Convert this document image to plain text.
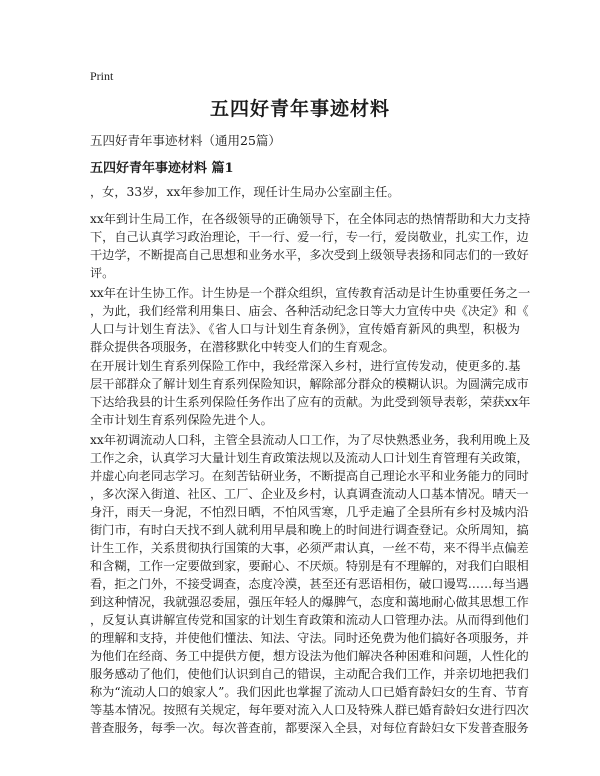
Print
五四好青年事迹材料
五四好青年事迹材料（通用25篇）
五四好青年事迹材料 篇1
，女，33岁，xx年参加工作，现任计生局办公室副主任。
xx年到计生局工作，在各级领导的正确领导下，在全体同志的热情帮助和大力支持
下，自己认真学习政治理论，干一行、爱一行，专一行，爱岗敬业，扎实工作，边
干边学，不断提高自己思想和业务水平，多次受到上级领导表扬和同志们的一致好
评。
xx年在计生协工作。计生协是一个群众组织，宣传教育活动是计生协重要任务之一
，为此，我们经常利用集日、庙会、各种活动纪念日等大力宣传中央《决定》和《
人口与计划生育法》、《省人口与计划生育条例》，宣传婚育新风的典型，积极为
群众提供各项服务，在潜移默化中转变人们的生育观念。
在开展计划生育系列保险工作中，我经常深入乡村，进行宣传发动，使更多的.基
层干部群众了解计划生育系列保险知识，解除部分群众的模糊认识。为圆满完成市
下达给我县的计生系列保险任务作出了应有的贡献。为此受到领导表彰，荣获xx年
全市计划生育系列保险先进个人。
xx年初调流动人口科，主管全县流动人口工作，为了尽快熟悉业务，我利用晚上及
工作之余，认真学习大量计划生育政策法规以及流动人口计划生育管理有关政策，
并虚心向老同志学习。在刻苦钻研业务，不断提高自己理论水平和业务能力的同时
，多次深入街道、社区、工厂、企业及乡村，认真调查流动人口基本情况。晴天一
身汗，雨天一身泥，不怕烈日晒，不怕风雪寒，几乎走遍了全县所有乡村及城内沿
街门市，有时白天找不到人就利用早晨和晚上的时间进行调查登记。众所周知，搞
计生工作，关系贯彻执行国策的大事，必须严肃认真，一丝不苟，来不得半点偏差
和含糊，工作一定要做到家，要耐心、不厌烦。特别是有不理解的，对我们白眼相
看，拒之门外，不接受调查，态度冷漠，甚至还有恶语相伤，破口谩骂……每当遇
到这种情况，我就强忍委屈，强压年轻人的爆脾气，态度和蔼地耐心做其思想工作
，反复认真讲解宣传党和国家的计划生育政策和流动人口管理办法。从而得到他们
的理解和支持，并使他们懂法、知法、守法。同时还免费为他们搞好各项服务，并
为他们在经商、务工中提供方便，想方设法为他们解决各种困难和问题，人性化的
服务感动了他们，使他们认识到自己的错误，主动配合我们工作，并亲切地把我们
称为“流动人口的娘家人”。我们因此也掌握了流动人口已婚育龄妇女的生育、节育
等基本情况。按照有关规定，每年要对流入人口及特殊人群已婚育龄妇女进行四次
普查服务，每季一次。每次普查前，都要深入全县，对每位育龄妇女下发普查服务
